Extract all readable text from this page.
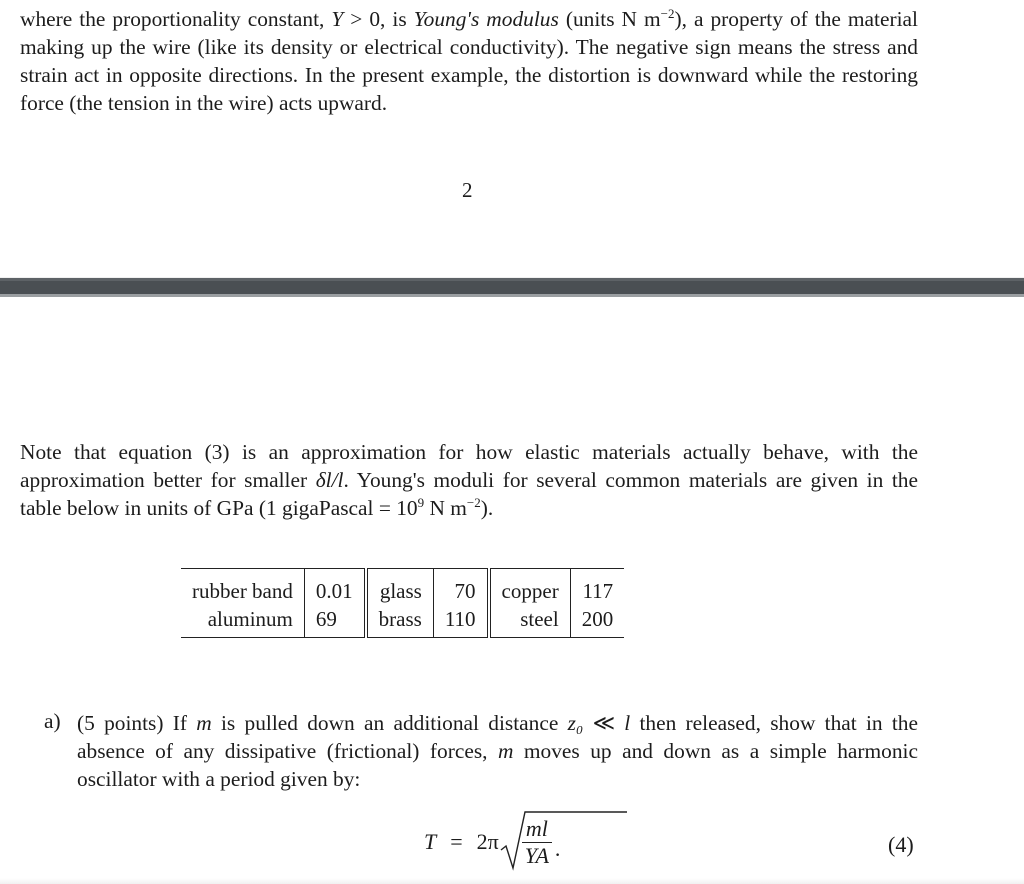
where the proportionality constant, Y > 0, is Young's modulus (units N $m^{-2}$), a property of the material making up the wire (like its density or electrical conductivity). The negative sign means the stress and strain act in opposite directions. In the present example, the distortion is downward while the restoring force (the tension in the wire) acts upward.

2

Note that equation (3) is an approximation for how elastic materials actually behave, with the approximation better for smaller δl/l. Young's moduli for several common materials are given in the table below in units of GPa (1 gigaPascal = $10^9$ N $m^{-2}$).

rubber band	0.01	glass	70	copper	117
aluminum	69	brass	110	steel	200
a) (5 points) If m is pulled down an additional distance z₀ ≪ l then released, show that in the absence of any dissipative (frictional) forces, m moves up and down as a simple harmonic oscillator with a period given by:

$T = 2\pi \frac{ml}{YA}$ .	(4)
